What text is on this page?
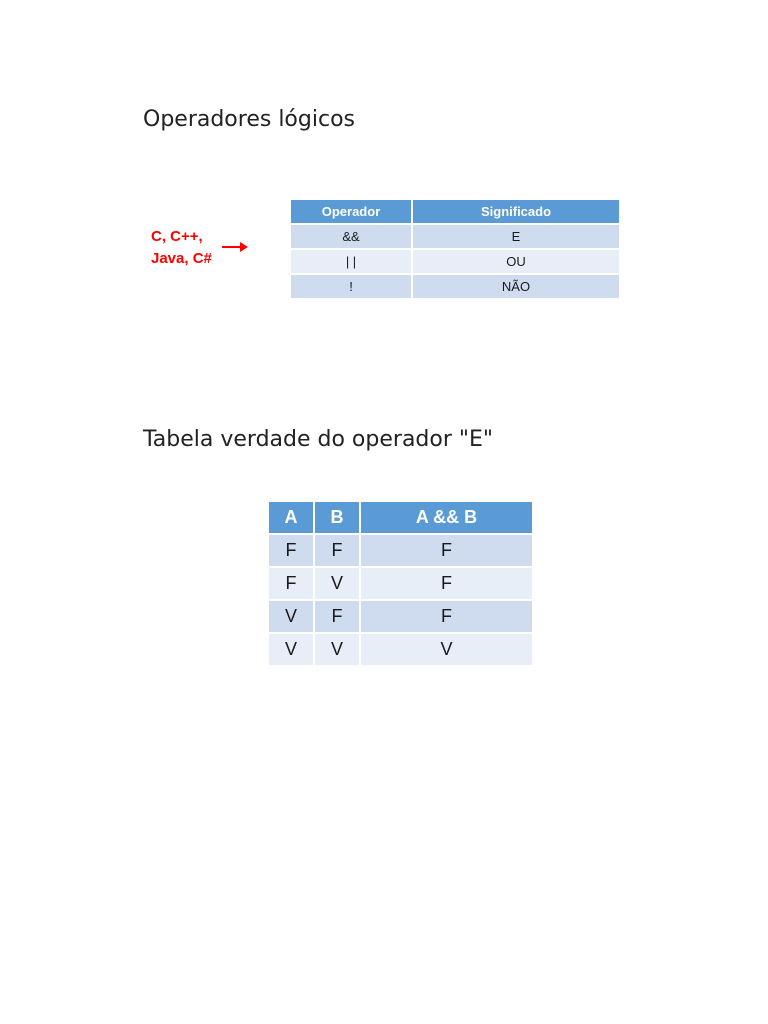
Operadores lógicos
C, C++,
Java, C#
Operador	Significado
&&	E
| |	OU
!	NÃO
Tabela verdade do operador "E"
A	B	A && B
F	F	F
F	V	F
V	F	F
V	V	V
